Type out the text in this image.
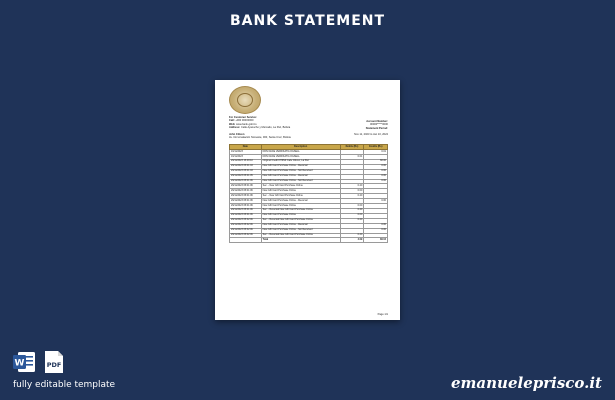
BANK STATEMENT
For Customer Service:
Call: +000 00000000
Web: www.bank.gob.bo
Address: Calle Ayacucho y Mercado, La Paz, Bolivia
Account Number:
00000*****0000
Statement Period:
John Citizen
Av. Circunvalación Noroeste, 000, Santa Cruz, Bolivia
Nov 11, 2023 to Jan 10, 2024
Date	Description	Debits (Bs)	Credits (Bs)
16/11/2023	DON DACE VERFIKATIA OGSELL		0.01
16/11/2023	DON DACE VERFIKATIA OGSELL	0.01	
29/11/2023 15:49:10	Original Credit KH9NZ Cafe Citizen, La Paz		38.00
29/11/2023 05:01:03	New Gift Card Purchase Online - Reversal		0.00
29/11/2023 05:01:03	New Gift Card Purchase Online - Not Received		0.00
29/11/2023 05:01:05	New Gift Card Purchase Online - Reversal		0.00
29/11/2023 05:01:06	New Gift Card Purchase Online - Not Received		0.00
29/11/2023 05:01:06	Sec. - New Gift Card Purchase Online	0.20	
29/11/2023 05:01:06	New Gift Card Purchase Online	0.00	
29/11/2023 05:01:06	Sec. - New Gift Card Purchase Online	0.20	
29/11/2023 05:01:06	New Gift Card Purchase Online - Reversal		0.00
29/11/2023 05:01:06	New Gift Card Purchase Online	0.00	
29/11/2023 05:01:06	Sec. - Reversal New Gift Card Purchase Online	0.20	
29/11/2023 05:01:06	New Gift Card Purchase Online	0.00	
29/11/2023 05:02:06	Sec. - Reversal New Gift Card Purchase Online	0.20	
29/11/2023 05:02:06	New Gift Card Purchase Online - Reversal		0.00
29/11/2023 05:02:06	New Gift Card Purchase Online - Not Received		0.00
29/11/2023 05:02:06	Sec. - Reversal New Gift Card Purchase Online	0.20	
	Total	4.09	38.04
Page 1/1
W	PDF
fully editable template	emanueleprisco.it
